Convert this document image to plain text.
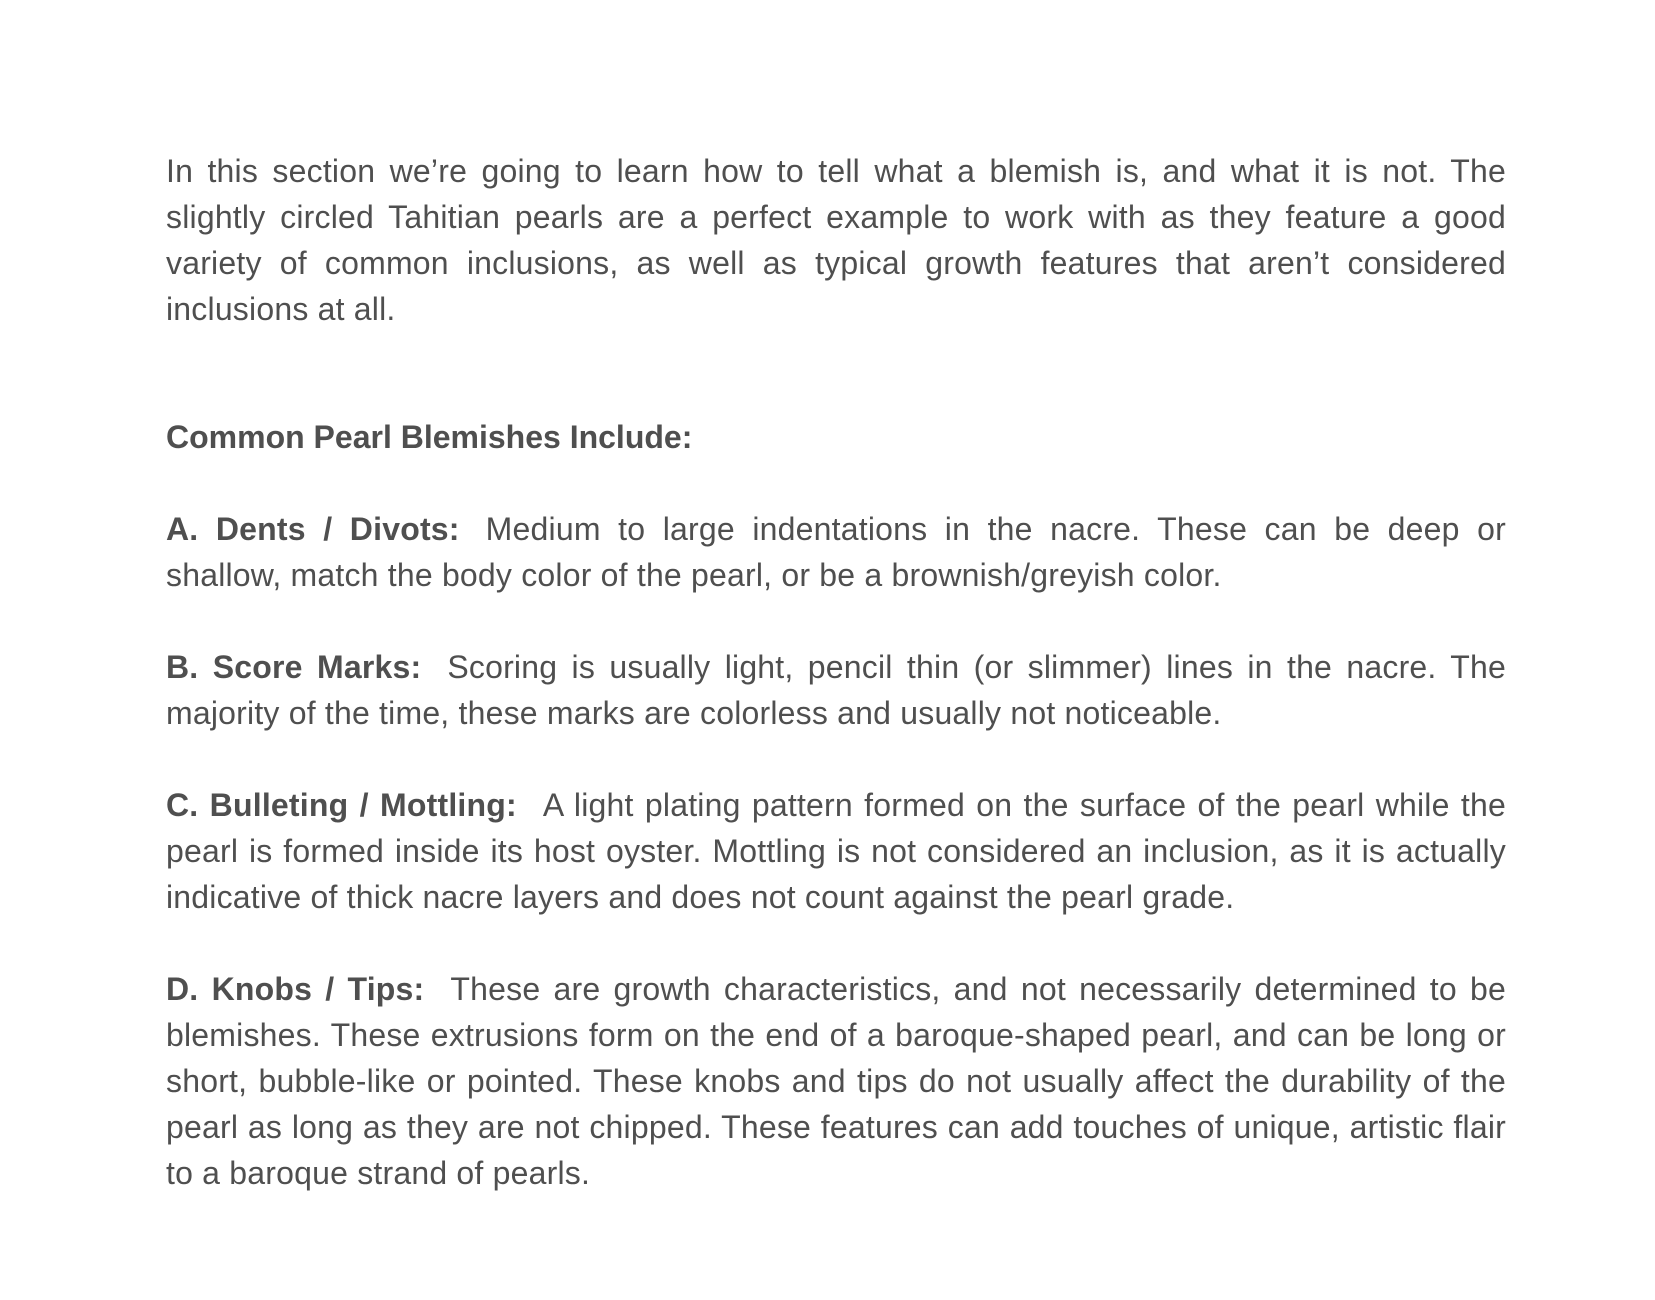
In this section we’re going to learn how to tell what a blemish is, and what it is not. The slightly circled Tahitian pearls are a perfect example to work with as they feature a good variety of common inclusions, as well as typical growth features that aren’t considered inclusions at all.

Common Pearl Blemishes Include:

A. Dents / Divots: Medium to large indentations in the nacre. These can be deep or shallow, match the body color of the pearl, or be a brownish/greyish color.

B. Score Marks: Scoring is usually light, pencil thin (or slimmer) lines in the nacre. The majority of the time, these marks are colorless and usually not noticeable.

C. Bulleting / Mottling: A light plating pattern formed on the surface of the pearl while the pearl is formed inside its host oyster. Mottling is not considered an inclusion, as it is actually indicative of thick nacre layers and does not count against the pearl grade.

D. Knobs / Tips: These are growth characteristics, and not necessarily determined to be blemishes. These extrusions form on the end of a baroque-shaped pearl, and can be long or short, bubble-like or pointed. These knobs and tips do not usually affect the durability of the pearl as long as they are not chipped. These features can add touches of unique, artistic flair to a baroque strand of pearls.
